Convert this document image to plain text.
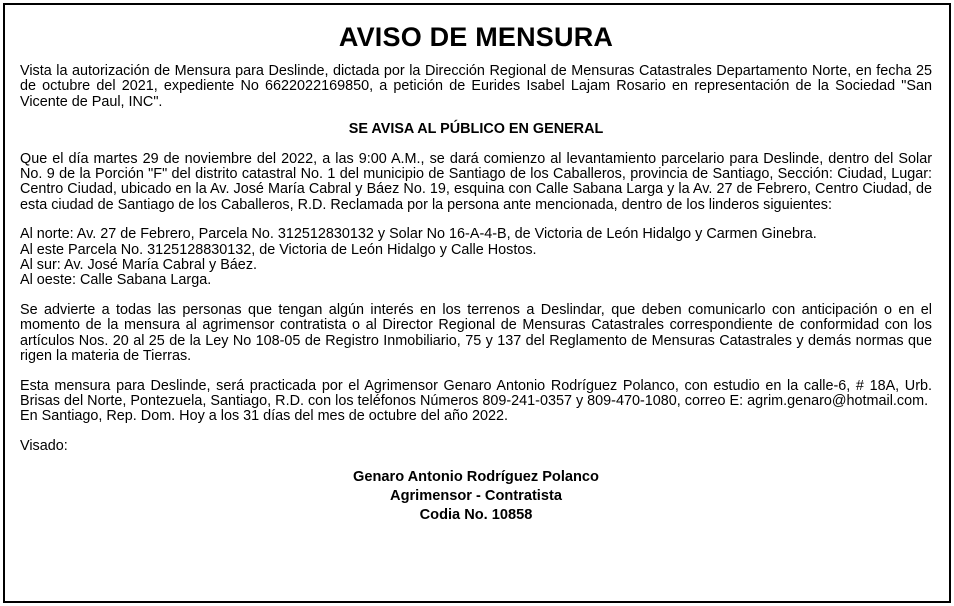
AVISO DE MENSURA

Vista la autorización de Mensura para Deslinde, dictada por la Dirección Regional de Mensuras Catastrales Departamento Norte, en fecha 25 de octubre del 2021, expediente No 6622022169850, a petición de Eurides Isabel Lajam Rosario en representación de la Sociedad "San Vicente de Paul, INC".

SE AVISA AL PÚBLICO EN GENERAL

Que el día martes 29 de noviembre del 2022, a las 9:00 A.M., se dará comienzo al levantamiento parcelario para Deslinde, dentro del Solar No. 9 de la Porción "F" del distrito catastral No. 1 del municipio de Santiago de los Caballeros, provincia de Santiago, Sección: Ciudad, Lugar: Centro Ciudad, ubicado en la Av. José María Cabral y Báez No. 19, esquina con Calle Sabana Larga y la Av. 27 de Febrero, Centro Ciudad, de esta ciudad de Santiago de los Caballeros, R.D. Reclamada por la persona ante mencionada, dentro de los linderos siguientes:

Al norte: Av. 27 de Febrero, Parcela No. 312512830132 y Solar No 16-A-4-B, de Victoria de León Hidalgo y Carmen Ginebra.
Al este Parcela No. 3125128830132, de Victoria de León Hidalgo y Calle Hostos.
Al sur: Av. José María Cabral y Báez.
Al oeste: Calle Sabana Larga.

Se advierte a todas las personas que tengan algún interés en los terrenos a Deslindar, que deben comunicarlo con anticipación o en el momento de la mensura al agrimensor contratista o al Director Regional de Mensuras Catastrales correspondiente de conformidad con los artículos Nos. 20 al 25 de la Ley No 108-05 de Registro Inmobiliario, 75 y 137 del Reglamento de Mensuras Catastrales y demás normas que rigen la materia de Tierras.

Esta mensura para Deslinde, será practicada por el Agrimensor Genaro Antonio Rodríguez Polanco, con estudio en la calle-6, # 18A, Urb. Brisas del Norte, Pontezuela, Santiago, R.D. con los teléfonos Números 809-241-0357 y 809-470-1080, correo E: agrim.genaro@hotmail.com.

En Santiago, Rep. Dom. Hoy a los 31 días del mes de octubre del año 2022.

Visado:

Genaro Antonio Rodríguez Polanco
Agrimensor - Contratista
Codia No. 10858
